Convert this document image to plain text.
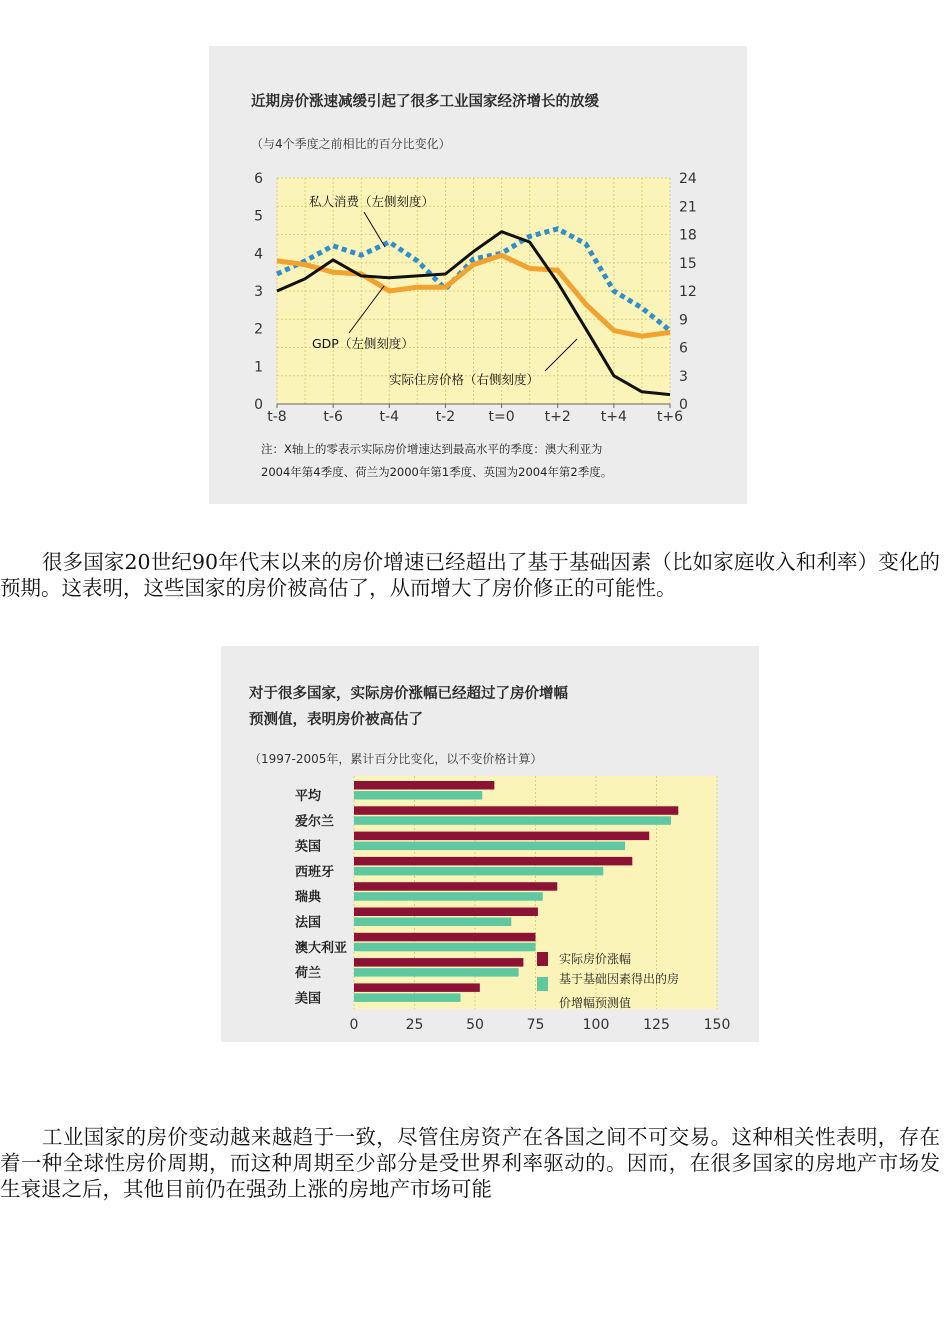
近期房价涨速减缓引起了很多工业国家经济增长的放缓
（与4个季度之前相比的百分比变化）
0
1
2
3
4
5
6
0
3
6
9
12
15
18
21
24
t-8	t-6	t-4	t-2 t=0 t+2 t+4 t+6
私人消费（左侧刻度）
GDP（左侧刻度）
实际住房价格（右侧刻度）
注：X轴上的零表示实际房价增速达到最高水平的季度：澳大利亚为
2004年第4季度、荷兰为2000年第1季度、英国为2004年第2季度。

很多国家20世纪90年代末以来的房价增速已经超出了基于基础因素（比如家庭收入和利率）变化的预期。这表明，这些国家的房价被高估了，从而增大了房价修正的可能性。

对于很多国家，实际房价涨幅已经超过了房价增幅
预测值，表明房价被高估了
（1997-2005年，累计百分比变化，以不变价格计算）
0	25	50	75	100 125 150
平均
爱尔兰
英国
西班牙
瑞典
法国
澳大利亚
荷兰
美国
实际房价涨幅
基于基础因素得出的房
价增幅预测值

工业国家的房价变动越来越趋于一致，尽管住房资产在各国之间不可交易。这种相关性表明，存在着一种全球性房价周期，而这种周期至少部分是受世界利率驱动的。因而，在很多国家的房地产市场发生衰退之后，其他目前仍在强劲上涨的房地产市场可能
